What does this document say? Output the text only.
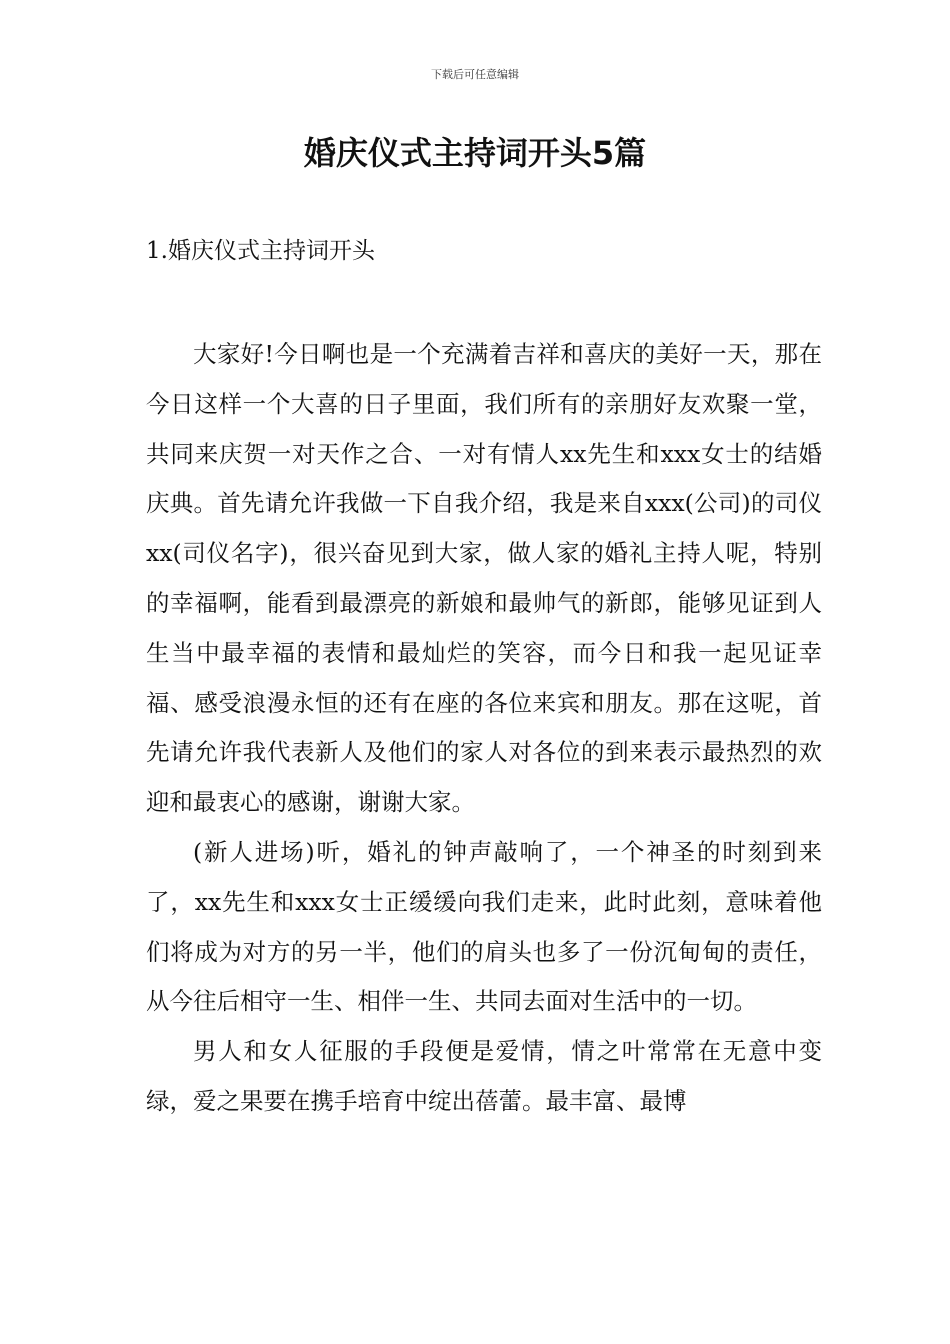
下载后可任意编辑
婚庆仪式主持词开头5篇
1.婚庆仪式主持词开头

大家好!今日啊也是一个充满着吉祥和喜庆的美好一天，那在今日这样一个大喜的日子里面，我们所有的亲朋好友欢聚一堂，共同来庆贺一对天作之合、一对有情人xx先生和xxx女士的结婚庆典。首先请允许我做一下自我介绍，我是来自xxx(公司)的司仪xx(司仪名字)，很兴奋见到大家，做人家的婚礼主持人呢，特别的幸福啊，能看到最漂亮的新娘和最帅气的新郎，能够见证到人生当中最幸福的表情和最灿烂的笑容，而今日和我一起见证幸福、感受浪漫永恒的还有在座的各位来宾和朋友。那在这呢，首先请允许我代表新人及他们的家人对各位的到来表示最热烈的欢迎和最衷心的感谢，谢谢大家。

(新人进场)听，婚礼的钟声敲响了，一个神圣的时刻到来了，xx先生和xxx女士正缓缓向我们走来，此时此刻，意味着他们将成为对方的另一半，他们的肩头也多了一份沉甸甸的责任，从今往后相守一生、相伴一生、共同去面对生活中的一切。

男人和女人征服的手段便是爱情，情之叶常常在无意中变绿，爱之果要在携手培育中绽出蓓蕾。最丰富、最博
